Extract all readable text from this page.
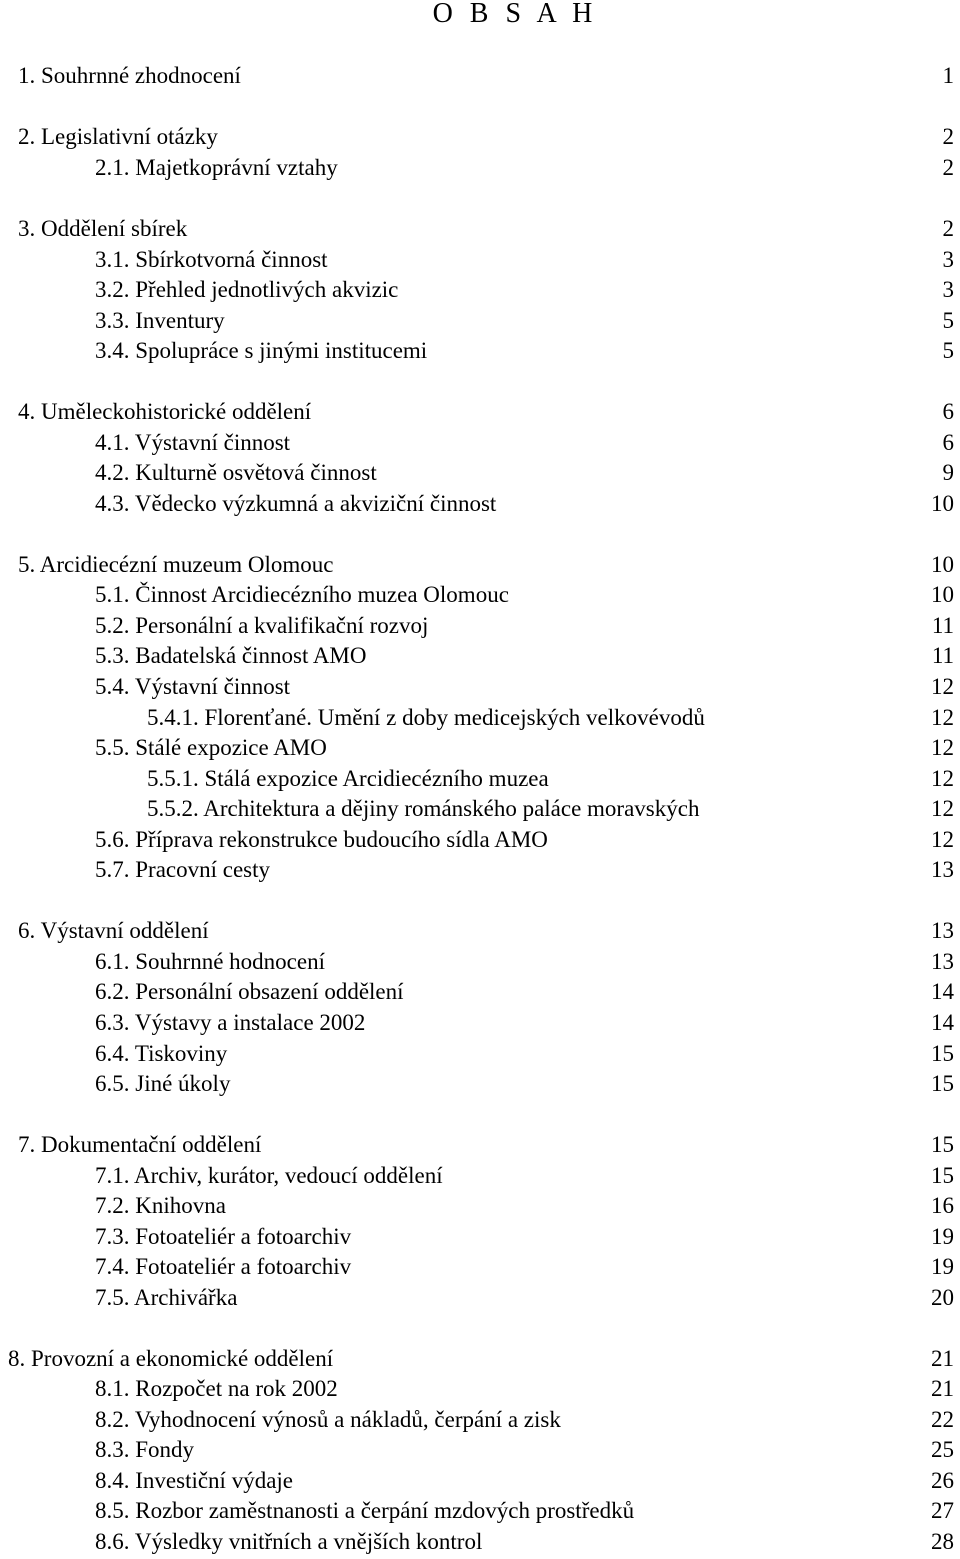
O B S A H
1. Souhrnné zhodnocení	1
2. Legislativní otázky	2
2.1. Majetkoprávní vztahy	2
3. Oddělení sbírek	2
3.1. Sbírkotvorná činnost	3
3.2. Přehled jednotlivých akvizic	3
3.3. Inventury	5
3.4. Spolupráce s jinými institucemi	5
4. Uměleckohistorické oddělení	6
4.1. Výstavní činnost	6
4.2. Kulturně osvětová činnost	9
4.3. Vědecko výzkumná a akviziční činnost	10
5. Arcidiecézní muzeum Olomouc	10
5.1. Činnost Arcidiecézního muzea Olomouc	10
5.2. Personální a kvalifikační rozvoj	11
5.3. Badatelská činnost AMO	11
5.4. Výstavní činnost	12
5.4.1. Florenťané. Umění z doby medicejských velkovévodů	12
5.5. Stálé expozice AMO	12
5.5.1. Stálá expozice Arcidiecézního muzea	12
5.5.2. Architektura a dějiny románského paláce moravských	12
5.6. Příprava rekonstrukce budoucího sídla AMO	12
5.7. Pracovní cesty	13
6. Výstavní oddělení	13
6.1. Souhrnné hodnocení	13
6.2. Personální obsazení oddělení	14
6.3. Výstavy a instalace 2002	14
6.4. Tiskoviny	15
6.5. Jiné úkoly	15
7. Dokumentační oddělení	15
7.1. Archiv, kurátor, vedoucí oddělení	15
7.2. Knihovna	16
7.3. Fotoateliér a fotoarchiv	19
7.4. Fotoateliér a fotoarchiv	19
7.5. Archivářka	20
8. Provozní a ekonomické oddělení	21
8.1. Rozpočet na rok 2002	21
8.2. Vyhodnocení výnosů a nákladů, čerpání a zisk	22
8.3. Fondy	25
8.4. Investiční výdaje	26
8.5. Rozbor zaměstnanosti a čerpání mzdových prostředků	27
8.6. Výsledky vnitřních a vnějších kontrol	28
